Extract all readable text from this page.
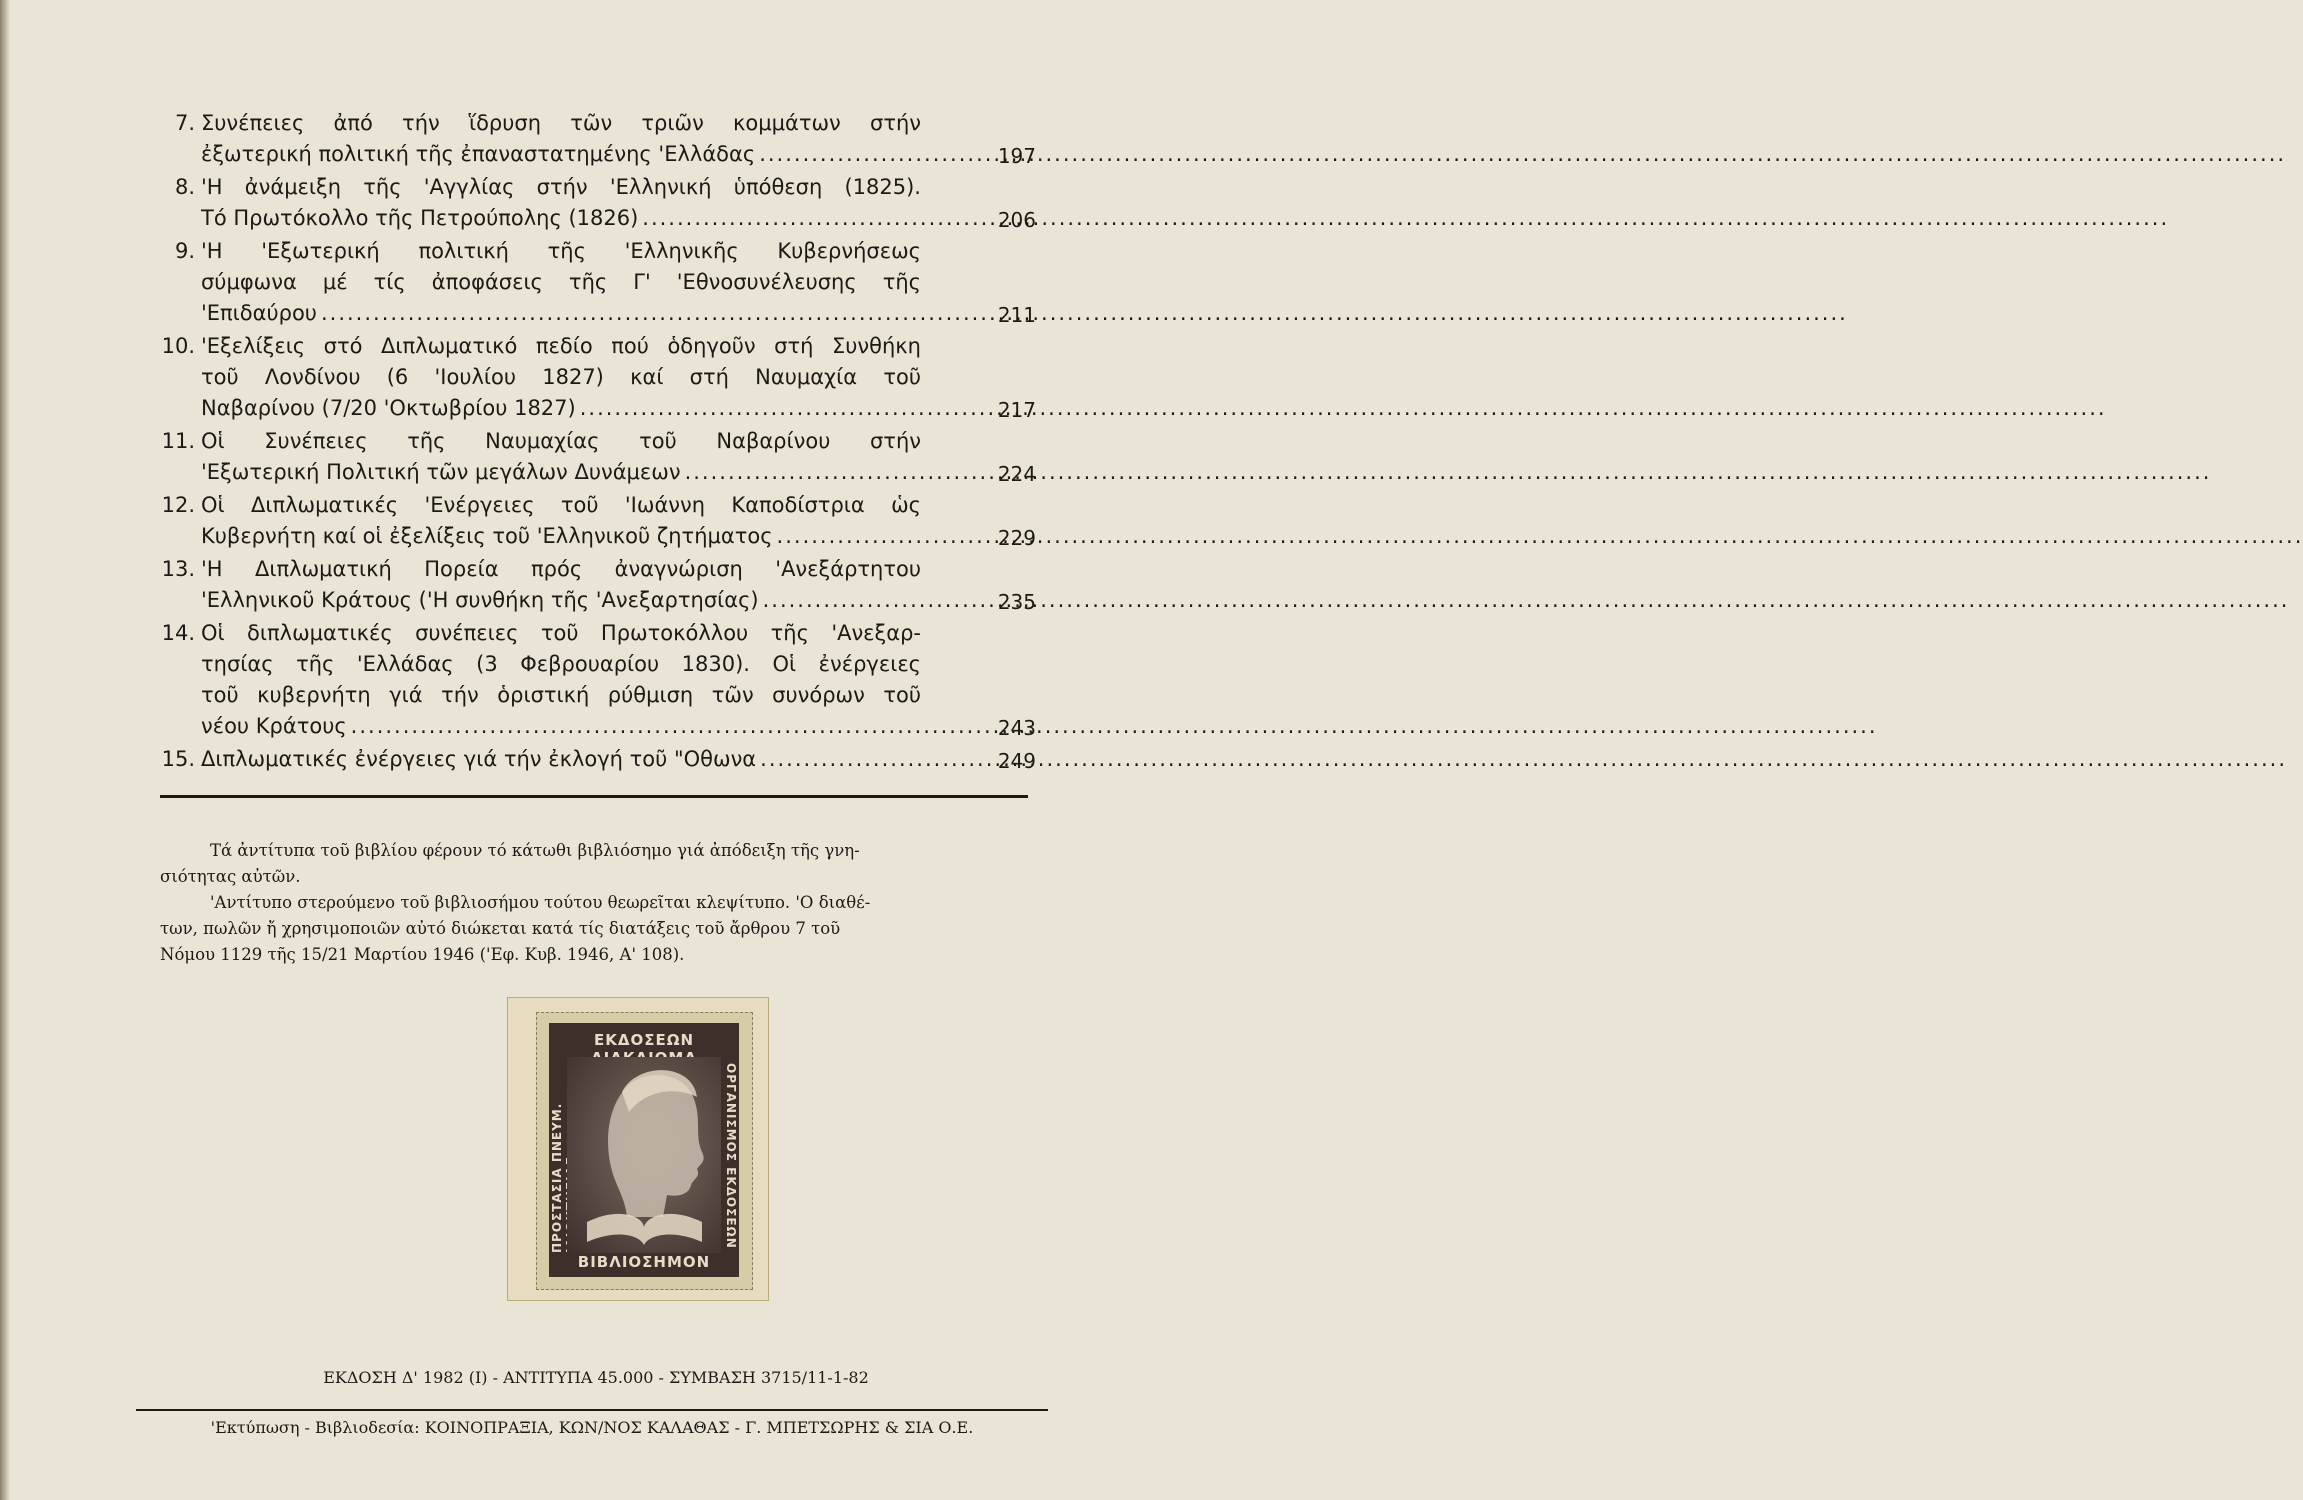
7. Συνέπειες ἀπό τήν ἵδρυση τῶν τριῶν κομμάτων στήν
ἐξωτερική πολιτική τῆς ἐπαναστατημένης 'Ελλάδας .....	197
8. 'Η ἀνάμειξη τῆς 'Αγγλίας στήν 'Ελληνική ὑπόθεση (1825).
Τό Πρωτόκολλο τῆς Πετρούπολης (1826) .....	206
9. 'Η 'Εξωτερική πολιτική τῆς 'Ελληνικῆς Κυβερνήσεως
σύμφωνα μέ τίς ἀποφάσεις τῆς Γ' 'Εθνοσυνέλευσης τῆς
'Επιδαύρου .....	211
10. 'Εξελίξεις στό Διπλωματικό πεδίο πού ὁδηγοῦν στή Συνθήκη
τοῦ Λονδίνου (6 'Ιουλίου 1827) καί στή Ναυμαχία τοῦ
Ναβαρίνου (7/20 'Οκτωβρίου 1827) .....	217
11. Οἱ Συνέπειες τῆς Ναυμαχίας τοῦ Ναβαρίνου στήν
'Εξωτερική Πολιτική τῶν μεγάλων Δυνάμεων .....	224
12. Οἱ Διπλωματικές 'Ενέργειες τοῦ 'Ιωάννη Καποδίστρια ὡς
Κυβερνήτη καί οἱ ἐξελίξεις τοῦ 'Ελληνικοῦ ζητήματος .....	229
13. 'Η Διπλωματική Πορεία πρός ἀναγνώριση 'Ανεξάρτητου
'Ελληνικοῦ Κράτους ('Η συνθήκη τῆς 'Ανεξαρτησίας) .....	235
14. Οἱ διπλωματικές συνέπειες τοῦ Πρωτοκόλλου τῆς 'Ανεξαρ-
τησίας τῆς 'Ελλάδας (3 Φεβρουαρίου 1830). Οἱ ἐνέργειες
τοῦ κυβερνήτη γιά τήν ὁριστική ρύθμιση τῶν συνόρων τοῦ
νέου Κράτους .....	243
15. Διπλωματικές ἐνέργειες γιά τήν ἐκλογή τοῦ "Οθωνα .....	249

Τά ἀντίτυπα τοῦ βιβλίου φέρουν τό κάτωθι βιβλιόσημο γιά ἀπόδειξη τῆς γνη-

σιότητας αὐτῶν.

'Αντίτυπο στερούμενο τοῦ βιβλιοσήμου τούτου θεωρεῖται κλεψίτυπο. 'Ο διαθέ-

των, πωλῶν ἤ χρησιμοποιῶν αὐτό διώκεται κατά τίς διατάξεις τοῦ ἄρθρου 7 τοῦ

Νόμου 1129 τῆς 15/21 Μαρτίου 1946 ('Εφ. Κυβ. 1946, Α' 108).

ΕΚΔΟΣΕΩΝ
ΠΡΟΣΤΑΣΙΑ ΠΝΕΥΜ.	ΟΡΓΑΝΙΣΜΟΣ ΕΚΔΟΣΕΩΝ
ΒΙΒΛΙΟΣΗΜΟΝ
ΕΚΔΟΣΗ Δ' 1982 (I) - ΑΝΤΙΤΥΠΑ 45.000 - ΣΥΜΒΑΣΗ 3715/11-1-82
'Εκτύπωση - Βιβλιοδεσία: ΚΟΙΝΟΠΡΑΞΙΑ, ΚΩΝ/ΝΟΣ ΚΑΛΑΘΑΣ - Γ. ΜΠΕΤΣΩΡΗΣ & ΣΙΑ Ο.Ε.
